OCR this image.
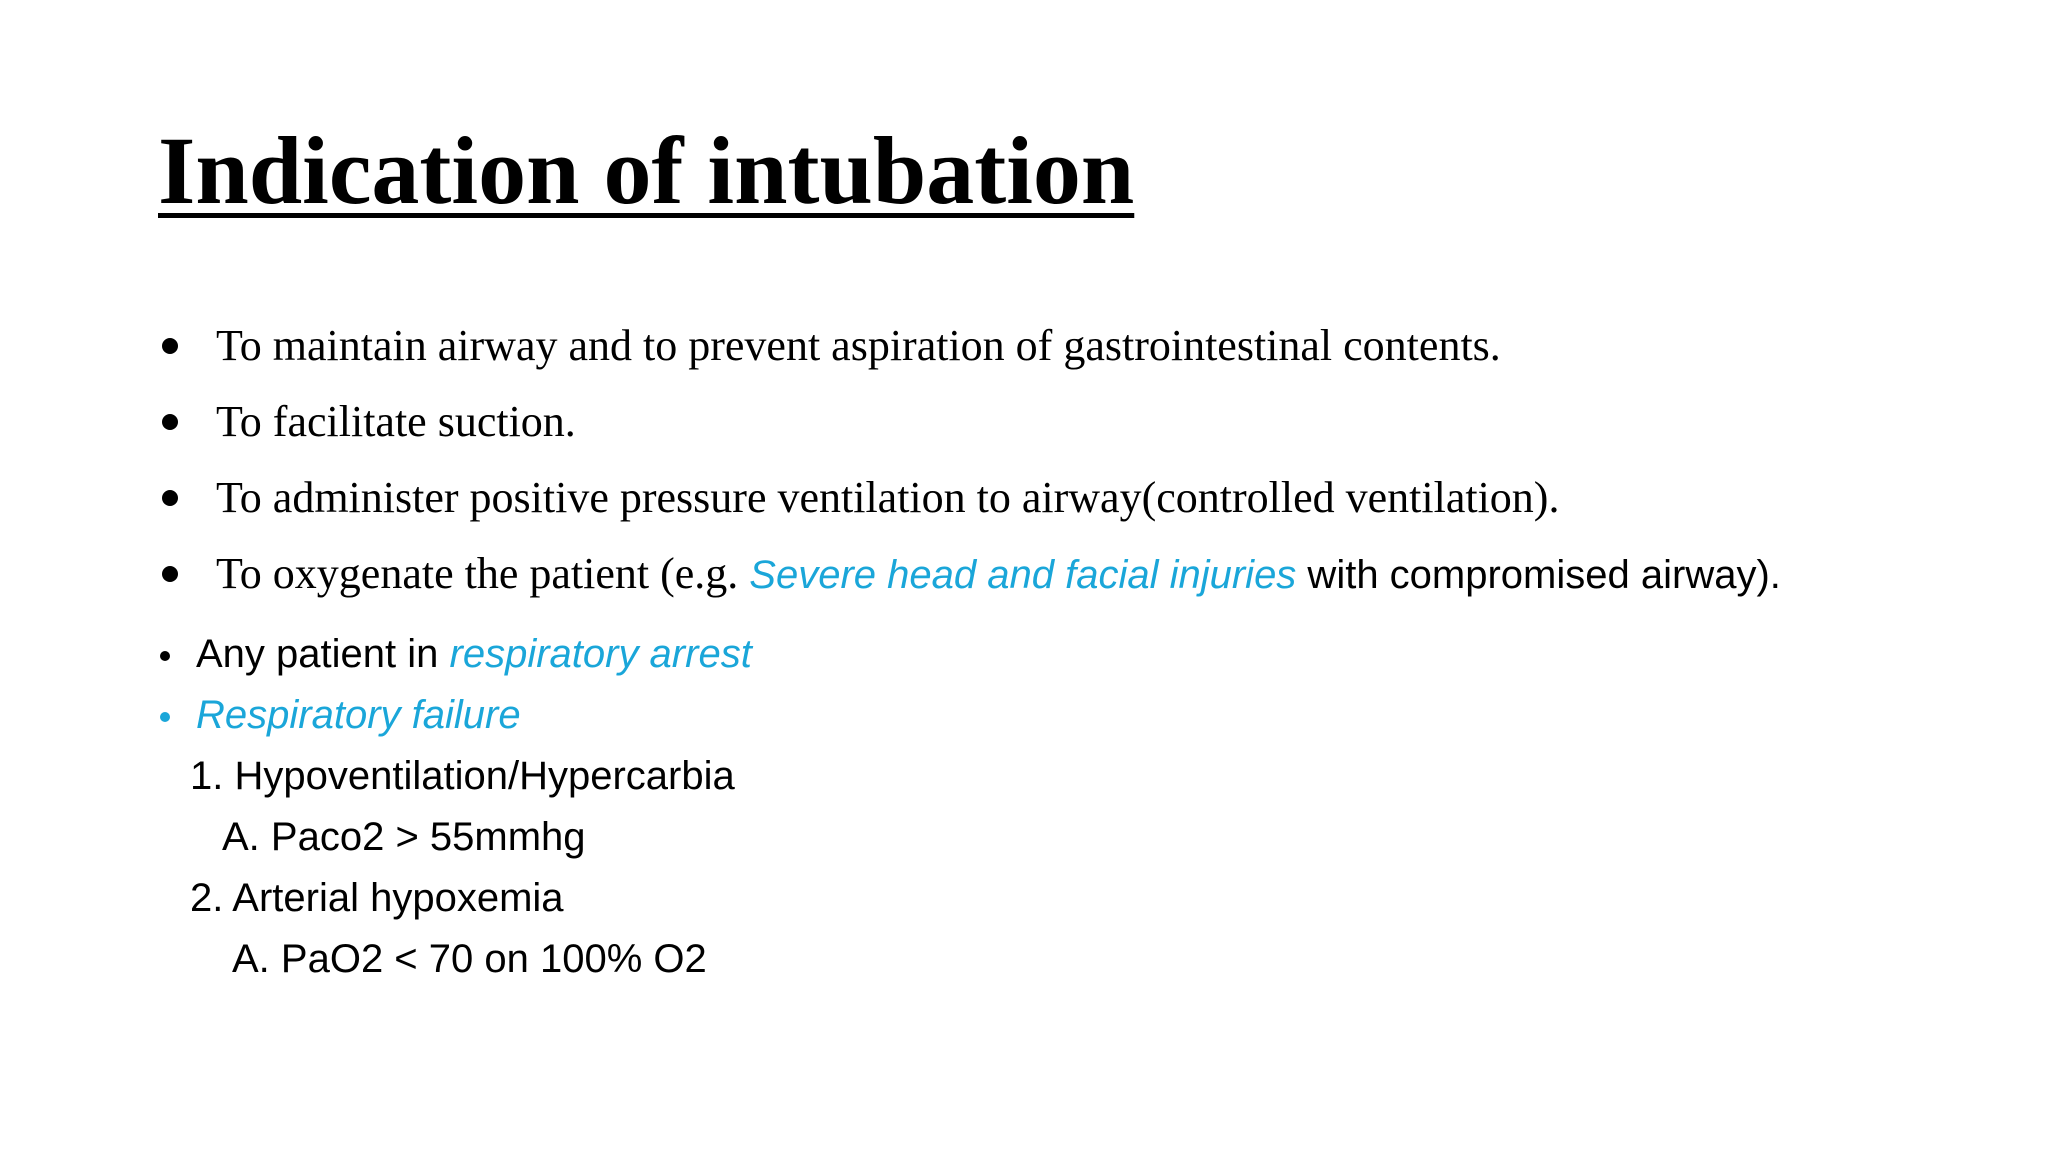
Indication of intubation
To maintain airway and to prevent aspiration of gastrointestinal contents.
To facilitate suction.
To administer positive pressure ventilation to airway(controlled ventilation).
To oxygenate the patient (e.g. Severe head and facial injuries with compromised airway).
Any patient in respiratory arrest
Respiratory failure
1. Hypoventilation/Hypercarbia
A. Paco2 > 55mmhg
2. Arterial hypoxemia
A. PaO2 < 70 on 100% O2
